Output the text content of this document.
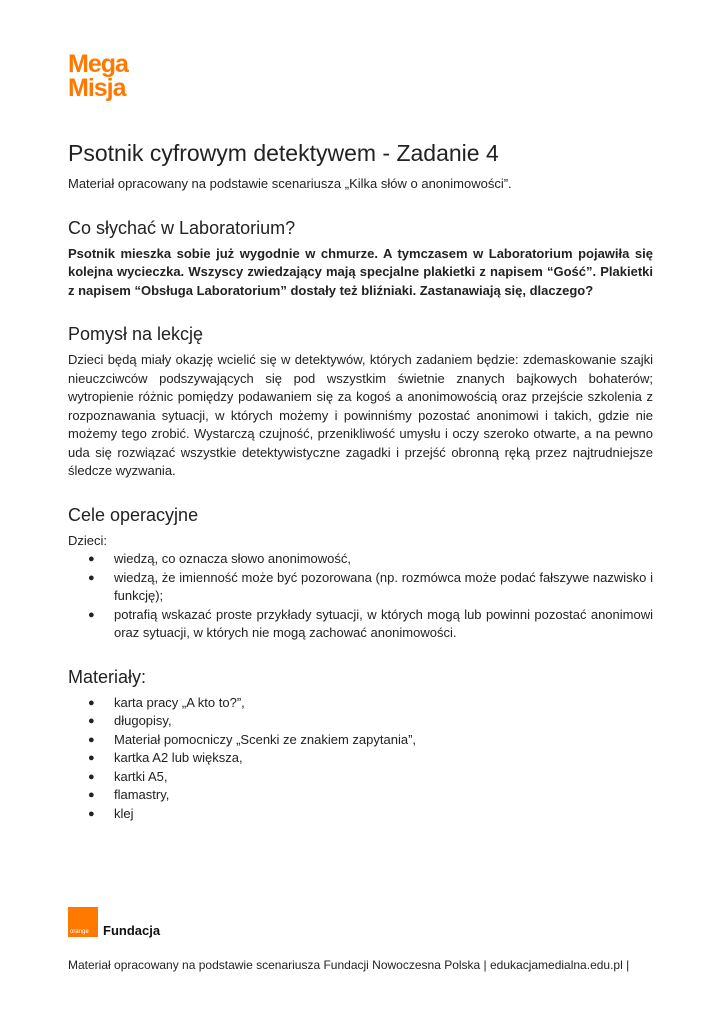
Mega
Misja
Psotnik cyfrowym detektywem - Zadanie 4

Materiał opracowany na podstawie scenariusza „Kilka słów o anonimowości”.

Co słychać w Laboratorium?

Psotnik mieszka sobie już wygodnie w chmurze. A tymczasem w Laboratorium pojawiła się kolejna wycieczka. Wszyscy zwiedzający mają specjalne plakietki z napisem “Gość”. Plakietki z napisem “Obsługa Laboratorium” dostały też bliźniaki. Zastanawiają się, dlaczego?

Pomysł na lekcję

Dzieci będą miały okazję wcielić się w detektywów, których zadaniem będzie: zdemaskowanie szajki nieuczciwców podszywających się pod wszystkim świetnie znanych bajkowych bohaterów; wytropienie różnic pomiędzy podawaniem się za kogoś a anonimowością oraz przejście szkolenia z rozpoznawania sytuacji, w których możemy i powinniśmy pozostać anonimowi i takich, gdzie nie możemy tego zrobić. Wystarczą czujność, przenikliwość umysłu i oczy szeroko otwarte, a na pewno uda się rozwiązać wszystkie detektywistyczne zagadki i przejść obronną ręką przez najtrudniejsze śledcze wyzwania.

Cele operacyjne

Dzieci:

● wiedzą, co oznacza słowo anonimowość,
● wiedzą, że imienność może być pozorowana (np. rozmówca może podać fałszywe nazwisko i funkcję);
● potrafią wskazać proste przykłady sytuacji, w których mogą lub powinni pozostać anonimowi oraz sytuacji, w których nie mogą zachować anonimowości.
Materiały:
● karta pracy „A kto to?”,
● długopisy,
● Materiał pomocniczy „Scenki ze znakiem zapytania”,
● kartka A2 lub większa,
● kartki A5,
● flamastry,
● klej
orange Fundacja
Materiał opracowany na podstawie scenariusza Fundacji Nowoczesna Polska | edukacjamedialna.edu.pl |
